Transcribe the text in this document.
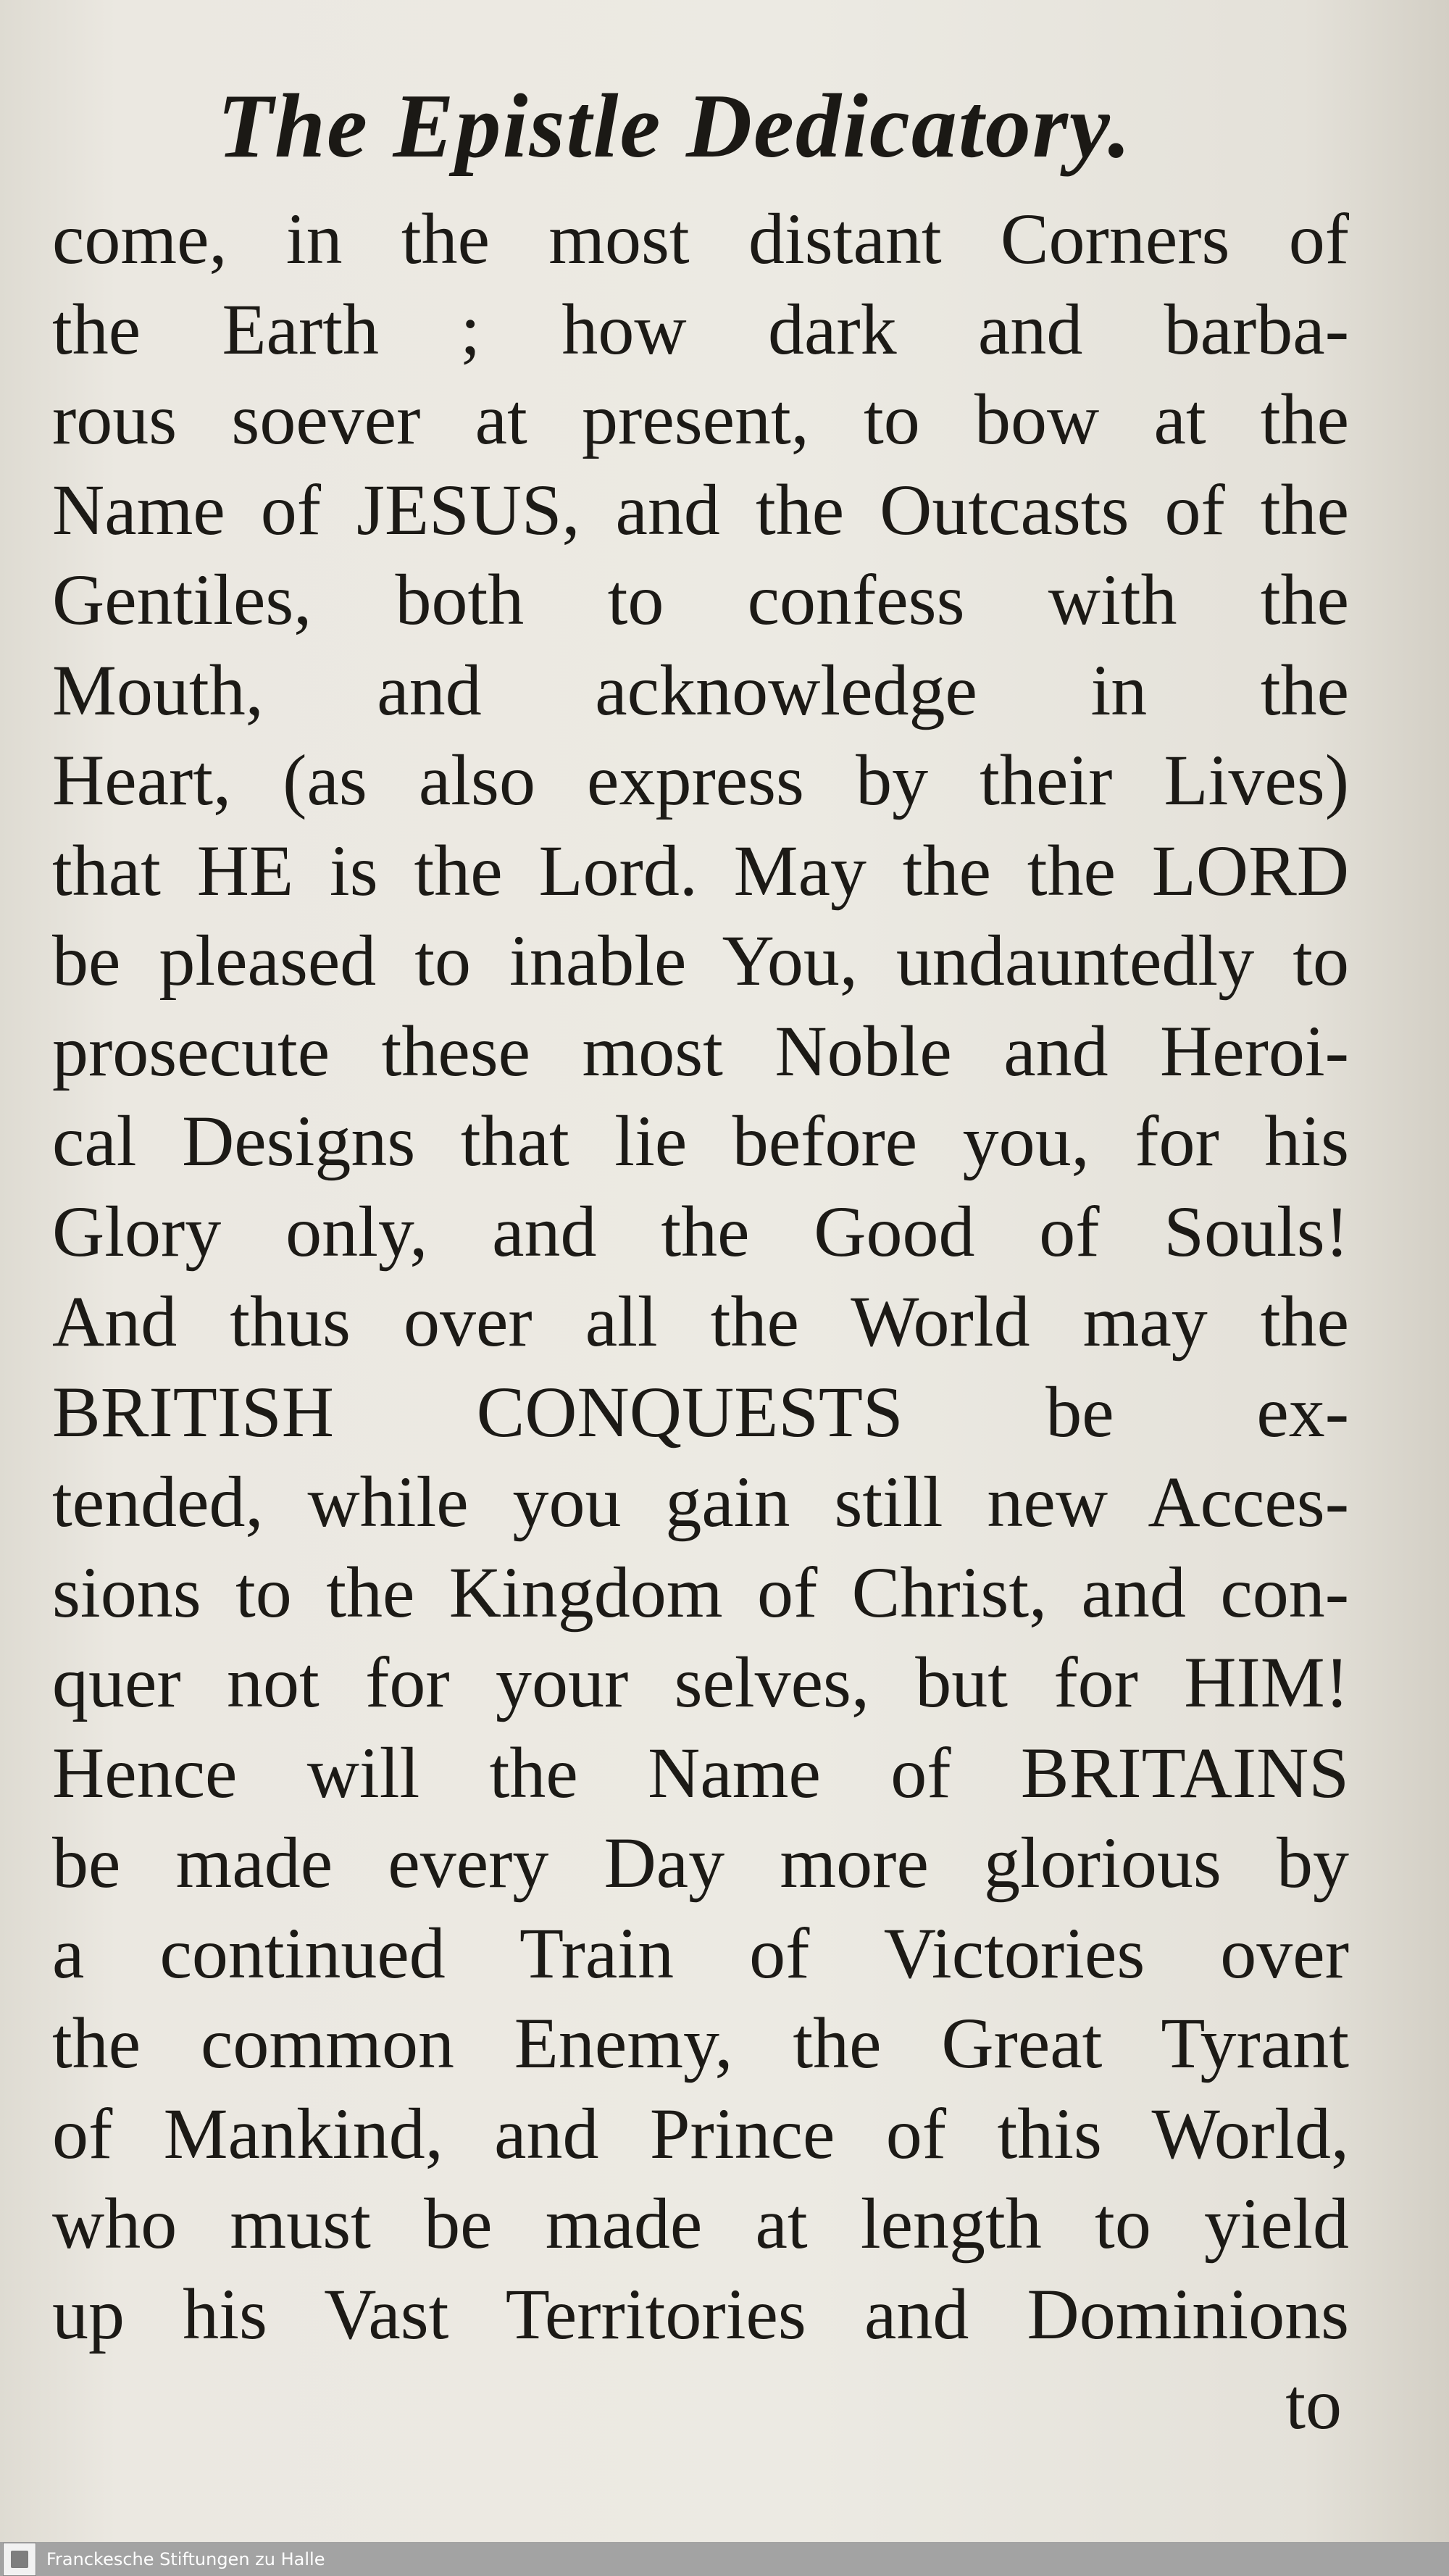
The Epistle Dedicatory.
come, in the most distant Corners of
the Earth ; how dark and barba-
rous soever at present, to bow at the
Name of JESUS, and the Outcasts of the
Gentiles, both to confess with the
Mouth, and acknowledge in the
Heart, (as also express by their Lives)
that HE is the Lord. May the the LORD
be pleased to inable You, undauntedly to
prosecute these most Noble and Heroi-
cal Designs that lie before you, for his
Glory only, and the Good of Souls!
And thus over all the World may the
BRITISH CONQUESTS be ex-
tended, while you gain still new Acces-
sions to the Kingdom of Christ, and con-
quer not for your selves, but for HIM!
Hence will the Name of BRITAINS
be made every Day more glorious by
a continued Train of Victories over
the common Enemy, the Great Tyrant
of Mankind, and Prince of this World,
who must be made at length to yield
up his Vast Territories and Dominions
to
Franckesche Stiftungen zu Halle
